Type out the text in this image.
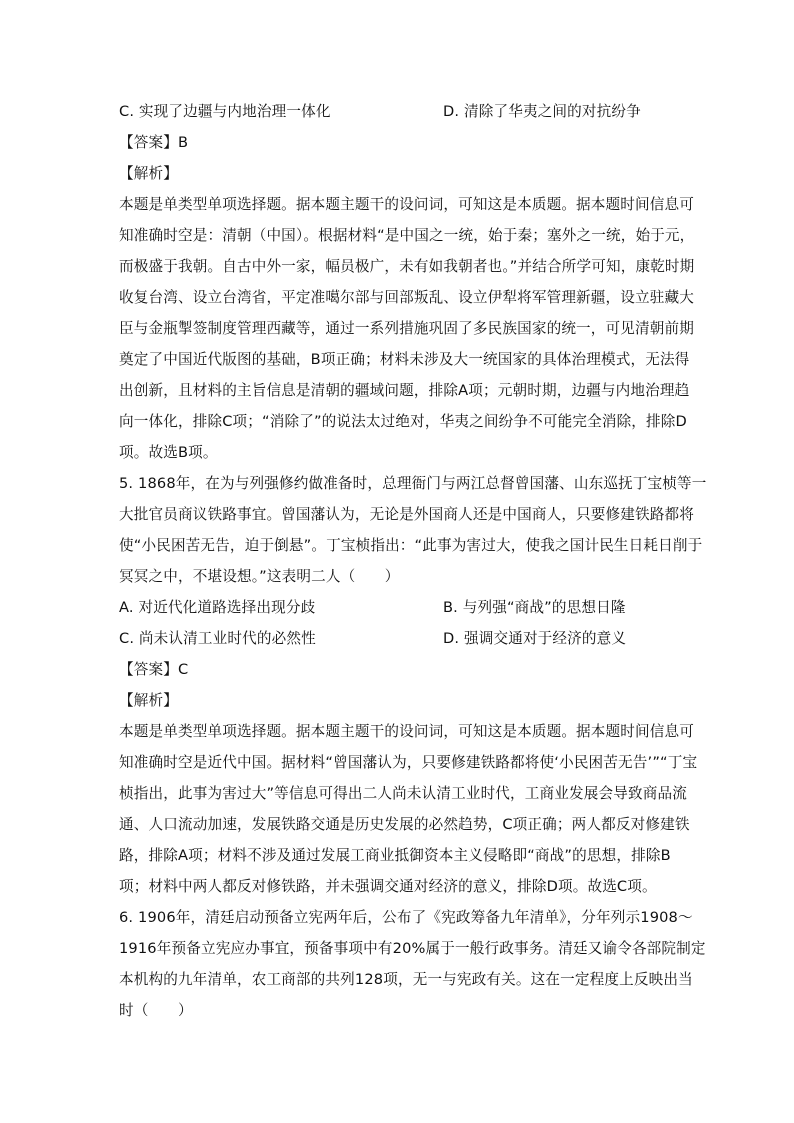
C. 实现了边疆与内地治理一体化	D. 清除了华夷之间的对抗纷争
【答案】B
【解析】
本题是单类型单项选择题。据本题主题干的设问词，可知这是本质题。据本题时间信息可
知准确时空是：清朝（中国）。根据材料“是中国之一统，始于秦；塞外之一统，始于元，
而极盛于我朝。自古中外一家，幅员极广，未有如我朝者也。”并结合所学可知，康乾时期
收复台湾、设立台湾省，平定准噶尔部与回部叛乱、设立伊犁将军管理新疆，设立驻藏大
臣与金瓶掣签制度管理西藏等，通过一系列措施巩固了多民族国家的统一，可见清朝前期
奠定了中国近代版图的基础，B项正确；材料未涉及大一统国家的具体治理模式，无法得
出创新，且材料的主旨信息是清朝的疆域问题，排除A项；元朝时期，边疆与内地治理趋
向一体化，排除C项；“消除了”的说法太过绝对，华夷之间纷争不可能完全消除，排除D
项。故选B项。
5. 1868年，在为与列强修约做准备时，总理衙门与两江总督曾国藩、山东巡抚丁宝桢等一
大批官员商议铁路事宜。曾国藩认为，无论是外国商人还是中国商人，只要修建铁路都将
使“小民困苦无告，迫于倒悬”。丁宝桢指出：“此事为害过大，使我之国计民生日耗日削于
冥冥之中，不堪设想。”这表明二人（　　）
A. 对近代化道路选择出现分歧	B. 与列强“商战”的思想日隆
C. 尚未认清工业时代的必然性	D. 强调交通对于经济的意义
【答案】C
【解析】
本题是单类型单项选择题。据本题主题干的设问词，可知这是本质题。据本题时间信息可
知准确时空是近代中国。据材料“曾国藩认为，只要修建铁路都将使‘小民困苦无告’”“丁宝
桢指出，此事为害过大”等信息可得出二人尚未认清工业时代，工商业发展会导致商品流
通、人口流动加速，发展铁路交通是历史发展的必然趋势，C项正确；两人都反对修建铁
路，排除A项；材料不涉及通过发展工商业抵御资本主义侵略即“商战”的思想，排除B
项；材料中两人都反对修铁路，并未强调交通对经济的意义，排除D项。故选C项。
6. 1906年，清廷启动预备立宪两年后，公布了《宪政筹备九年清单》，分年列示1908～
1916年预备立宪应办事宜，预备事项中有20%属于一般行政事务。清廷又谕令各部院制定
本机构的九年清单，农工商部的共列128项，无一与宪政有关。这在一定程度上反映出当
时（　　）
